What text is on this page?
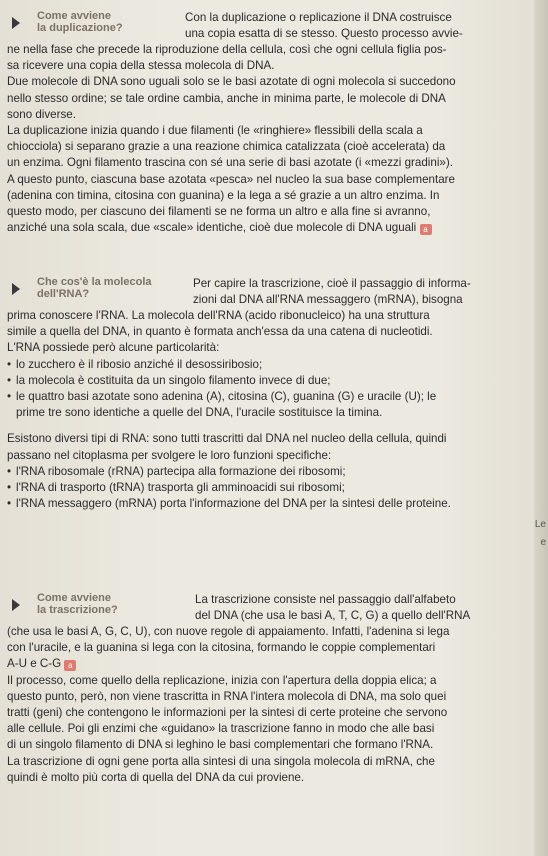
Le
e
Come avviene
la duplicazione?
Con la duplicazione o replicazione il DNA costruisce
una copia esatta di se stesso. Questo processo avvie-

ne nella fase che precede la riproduzione della cellula, così che ogni cellula figlia pos-

sa ricevere una copia della stessa molecola di DNA.

Due molecole di DNA sono uguali solo se le basi azotate di ogni molecola si succedono

nello stesso ordine; se tale ordine cambia, anche in minima parte, le molecole di DNA

sono diverse.

La duplicazione inizia quando i due filamenti (le «ringhiere» flessibili della scala a

chiocciola) si separano grazie a una reazione chimica catalizzata (cioè accelerata) da

un enzima. Ogni filamento trascina con sé una serie di basi azotate (i «mezzi gradini»).

A questo punto, ciascuna base azotata «pesca» nel nucleo la sua base complementare

(adenina con timina, citosina con guanina) e la lega a sé grazie a un altro enzima. In

questo modo, per ciascuno dei filamenti se ne forma un altro e alla fine si avranno,

anziché una sola scala, due «scale» identiche, cioè due molecole di DNA uguali a

Che cos'è la molecola
dell'RNA?
Per capire la trascrizione, cioè il passaggio di informa-
zioni dal DNA all'RNA messaggero (mRNA), bisogna

prima conoscere l'RNA. La molecola dell'RNA (acido ribonucleico) ha una struttura

simile a quella del DNA, in quanto è formata anch'essa da una catena di nucleotidi.

L'RNA possiede però alcune particolarità:

• lo zucchero è il ribosio anziché il desossiribosio;
• la molecola è costituita da un singolo filamento invece di due;
• le quattro basi azotate sono adenina (A), citosina (C), guanina (G) e uracile (U); le
prime tre sono identiche a quelle del DNA, l'uracile sostituisce la timina.

Esistono diversi tipi di RNA: sono tutti trascritti dal DNA nel nucleo della cellula, quindi

passano nel citoplasma per svolgere le loro funzioni specifiche:

• l'RNA ribosomale (rRNA) partecipa alla formazione dei ribosomi;
• l'RNA di trasporto (tRNA) trasporta gli amminoacidi sui ribosomi;
• l'RNA messaggero (mRNA) porta l'informazione del DNA per la sintesi delle proteine.
Come avviene
la trascrizione?
La trascrizione consiste nel passaggio dall'alfabeto
del DNA (che usa le basi A, T, C, G) a quello dell'RNA

(che usa le basi A, G, C, U), con nuove regole di appaiamento. Infatti, l'adenina si lega

con l'uracile, e la guanina si lega con la citosina, formando le coppie complementari

A-U e C-G a

Il processo, come quello della replicazione, inizia con l'apertura della doppia elica; a

questo punto, però, non viene trascritta in RNA l'intera molecola di DNA, ma solo quei

tratti (geni) che contengono le informazioni per la sintesi di certe proteine che servono

alle cellule. Poi gli enzimi che «guidano» la trascrizione fanno in modo che alle basi

di un singolo filamento di DNA si leghino le basi complementari che formano l'RNA.

La trascrizione di ogni gene porta alla sintesi di una singola molecola di mRNA, che

quindi è molto più corta di quella del DNA da cui proviene.
